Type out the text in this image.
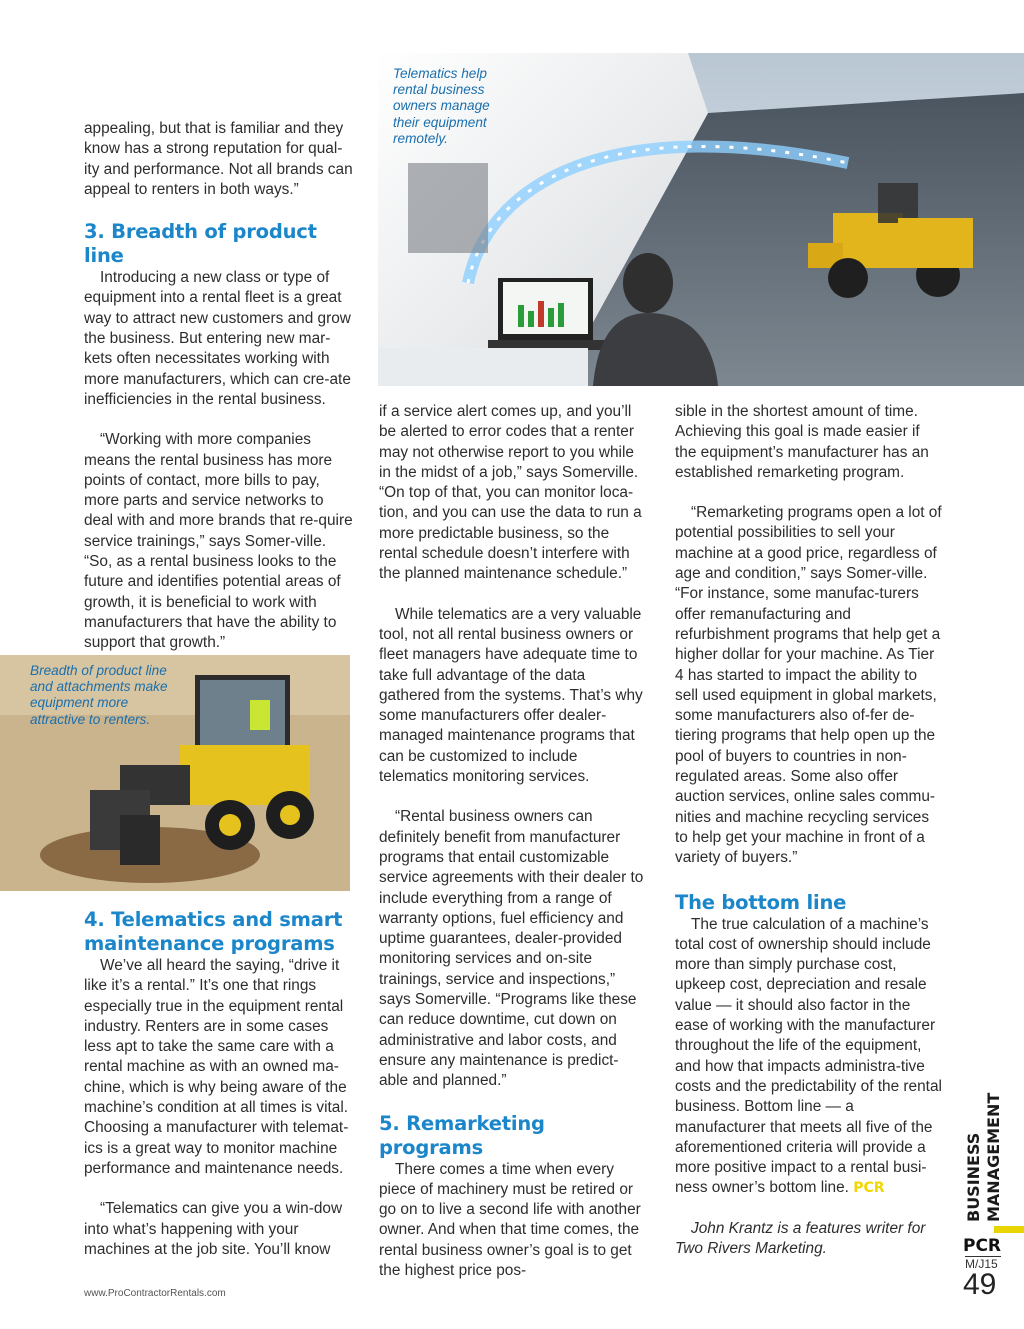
appealing, but that is familiar and they know has a strong reputation for qual-ity and performance. Not all brands can appeal to renters in both ways.”

3. Breadth of product line

Introducing a new class or type of equipment into a rental fleet is a great way to attract new customers and grow the business. But entering new mar-kets often necessitates working with more manufacturers, which can cre-ate inefficiencies in the rental business.

“Working with more companies means the rental business has more points of contact, more bills to pay, more parts and service networks to deal with and more brands that re-quire service trainings,” says Somer-ville. “So, as a rental business looks to the future and identifies potential areas of growth, it is beneficial to work with manufacturers that have the ability to support that growth.”

4. Telematics and smart maintenance programs

We’ve all heard the saying, “drive it like it’s a rental.” It’s one that rings especially true in the equipment rental industry. Renters are in some cases less apt to take the same care with a rental machine as with an owned ma-chine, which is why being aware of the machine’s condition at all times is vital. Choosing a manufacturer with telemat-ics is a great way to monitor machine performance and maintenance needs.

“Telematics can give you a win-dow into what’s happening with your machines at the job site. You’ll know

Telematics help rental business owners manage their equipment remotely.
Breadth of product line and attachments make equipment more attractive to renters.

if a service alert comes up, and you’ll be alerted to error codes that a renter may not otherwise report to you while in the midst of a job,” says Somerville. “On top of that, you can monitor loca-tion, and you can use the data to run a more predictable business, so the rental schedule doesn’t interfere with the planned maintenance schedule.”

While telematics are a very valuable tool, not all rental business owners or fleet managers have adequate time to take full advantage of the data gathered from the systems. That’s why some manufacturers offer dealer-managed maintenance programs that can be customized to include telematics monitoring services.

“Rental business owners can definitely benefit from manufacturer programs that entail customizable service agreements with their dealer to include everything from a range of warranty options, fuel efficiency and uptime guarantees, dealer-provided monitoring services and on-site trainings, service and inspections,” says Somerville. “Programs like these can reduce downtime, cut down on administrative and labor costs, and ensure any maintenance is predict-able and planned.”

5. Remarketing programs

There comes a time when every piece of machinery must be retired or go on to live a second life with another owner. And when that time comes, the rental business owner’s goal is to get the highest price pos-

sible in the shortest amount of time. Achieving this goal is made easier if the equipment’s manufacturer has an established remarketing program.

“Remarketing programs open a lot of potential possibilities to sell your machine at a good price, regardless of age and condition,” says Somer-ville. “For instance, some manufac-turers offer remanufacturing and refurbishment programs that help get a higher dollar for your machine. As Tier 4 has started to impact the ability to sell used equipment in global markets, some manufacturers also of-fer de-tiering programs that help open up the pool of buyers to countries in non-regulated areas. Some also offer auction services, online sales commu-nities and machine recycling services to help get your machine in front of a variety of buyers.”

The bottom line

The true calculation of a machine’s total cost of ownership should include more than simply purchase cost, upkeep cost, depreciation and resale value — it should also factor in the ease of working with the manufacturer throughout the life of the equipment, and how that impacts administra-tive costs and the predictability of the rental business. Bottom line — a manufacturer that meets all five of the aforementioned criteria will provide a more positive impact to a rental busi-ness owner’s bottom line. PCR

John Krantz is a features writer for Two Rivers Marketing.

www.ProContractorRentals.com
BUSINESS MANAGEMENT
PCR
M/J15
49
